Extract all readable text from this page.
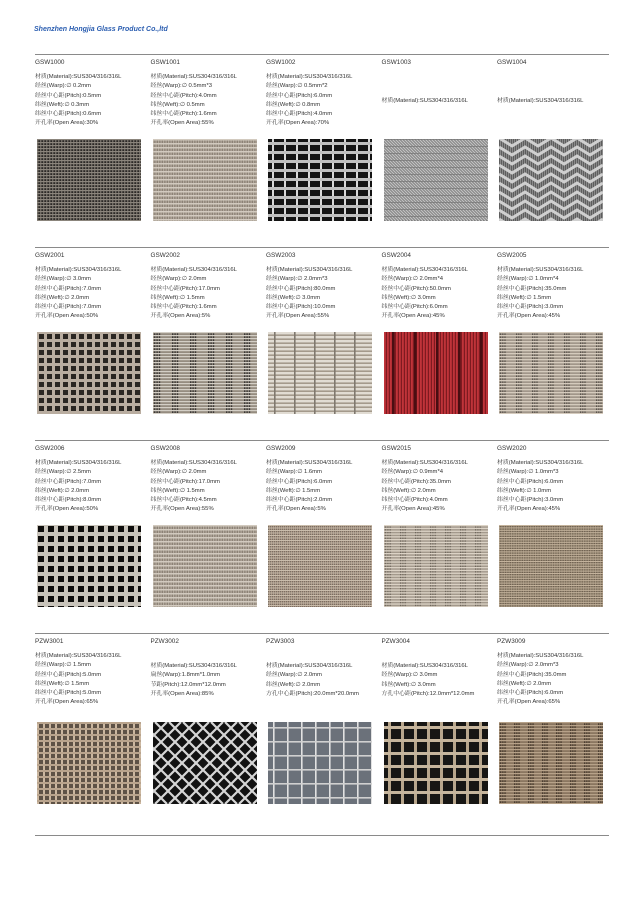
Shenzhen Hongjia Glass Product Co.,ltd
GSW1000
材质(Material):SUS304/316/316L
经丝(Warp):∅ 0.2mm
经丝中心距(Pitch):0.5mm
纬丝(Weft):∅ 0.3mm
纬丝中心距(Pitch):0.6mm
开孔率(Open Area):30%
GSW1001
材质(Material):SUS304/316/316L
经丝(Warp):∅ 0.5mm*3
经丝中心距(Pitch):4.0mm
纬丝(Weft):∅ 0.5mm
纬丝中心距(Pitch):1.6mm
开孔率(Open Area):55%
GSW1002
材质(Material):SUS304/316/316L
经丝(Warp):∅ 0.5mm*2
经丝中心距(Pitch):6.0mm
纬丝(Weft):∅ 0.8mm
纬丝中心距(Pitch):4.0mm
开孔率(Open Area):70%
GSW1003
材质(Material):SUS304/316/316L
GSW1004
材质(Material):SUS304/316/316L
GSW2001
材质(Material):SUS304/316/316L
经丝(Warp):∅ 3.0mm
经丝中心距(Pitch):7.0mm
纬丝(Weft):∅ 2.0mm
纬丝中心距(Pitch):7.0mm
开孔率(Open Area):50%
GSW2002
材质(Material):SUS304/316/316L
经丝(Warp):∅ 2.0mm
经丝中心距(Pitch):17.0mm
纬丝(Weft):∅ 1.5mm
纬丝中心距(Pitch):1.6mm
开孔率(Open Area):5%
GSW2003
材质(Material):SUS304/316/316L
经丝(Warp):∅ 2.0mm*3
经丝中心距(Pitch):80.0mm
纬丝(Weft):∅ 3.0mm
纬丝中心距(Pitch):10.0mm
开孔率(Open Area):55%
GSW2004
材质(Material):SUS304/316/316L
经丝(Warp):∅ 2.0mm*4
经丝中心距(Pitch):50.0mm
纬丝(Weft):∅ 3.0mm
纬丝中心距(Pitch):6.0mm
开孔率(Open Area):45%
GSW2005
材质(Material):SUS304/316/316L
经丝(Warp):∅ 1.0mm*4
经丝中心距(Pitch):35.0mm
纬丝(Weft):∅ 1.5mm
纬丝中心距(Pitch):3.0mm
开孔率(Open Area):45%
GSW2006
材质(Material):SUS304/316/316L
经丝(Warp):∅ 2.5mm
经丝中心距(Pitch):7.0mm
纬丝(Weft):∅ 2.0mm
纬丝中心距(Pitch):8.0mm
开孔率(Open Area):50%
GSW2008
材质(Material):SUS304/316/316L
经丝(Warp):∅ 2.0mm
经丝中心距(Pitch):17.0mm
纬丝(Weft):∅ 1.5mm
纬丝中心距(Pitch):4.5mm
开孔率(Open Area):55%
GSW2009
材质(Material):SUS304/316/316L
经丝(Warp):∅ 1.6mm
经丝中心距(Pitch):6.0mm
纬丝(Weft):∅ 1.5mm
纬丝中心距(Pitch):2.0mm
开孔率(Open Area):5%
GSW2015
材质(Material):SUS304/316/316L
经丝(Warp):∅ 0.9mm*4
经丝中心距(Pitch):35.0mm
纬丝(Weft):∅ 2.0mm
纬丝中心距(Pitch):4.0mm
开孔率(Open Area):45%
GSW2020
材质(Material):SUS304/316/316L
经丝(Warp):∅ 1.0mm*3
经丝中心距(Pitch):6.0mm
纬丝(Weft):∅ 1.0mm
纬丝中心距(Pitch):3.0mm
开孔率(Open Area):45%
PZW3001
材质(Material):SUS304/316/316L
经丝(Warp):∅ 1.5mm
经丝中心距(Pitch):5.0mm
纬丝(Weft):∅ 1.5mm
纬丝中心距(Pitch):5.0mm
开孔率(Open Area):65%
PZW3002
材质(Material):SUS304/316/316L
扁丝(Warp):1.8mm*1.0mm
节距(Pitch):12.0mm*12.0mm
开孔率(Open Area):85%
PZW3003
材质(Material):SUS304/316/316L
经丝(Warp):∅ 2.0mm
纬丝(Weft):∅ 2.0mm
方孔中心距(Pitch):20.0mm*20.0mm
PZW3004
材质(Material):SUS304/316/316L
经丝(Warp):∅ 3.0mm
纬丝(Weft):∅ 3.0mm
方孔中心距(Pitch):12.0mm*12.0mm
PZW3009
材质(Material):SUS304/316/316L
经丝(Warp):∅ 2.0mm*3
经丝中心距(Pitch):35.0mm
纬丝(Weft):∅ 2.0mm
纬丝中心距(Pitch):6.0mm
开孔率(Open Area):65%
